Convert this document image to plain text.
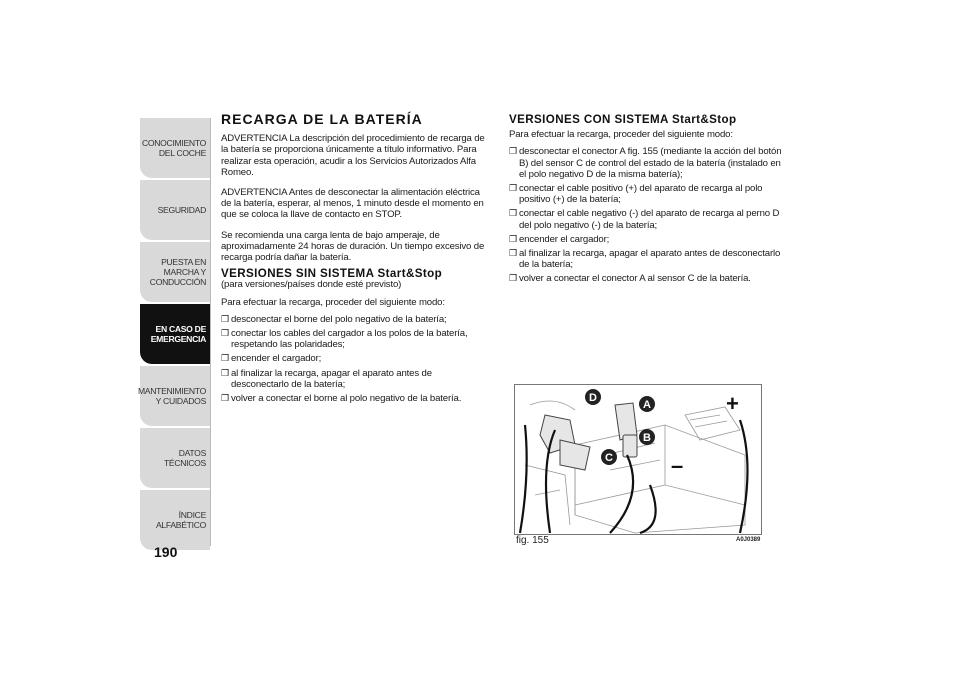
CONOCIMIENTO DEL COCHE
SEGURIDAD
PUESTA EN MARCHA Y CONDUCCIÓN
EN CASO DE EMERGENCIA
MANTENIMIENTO Y CUIDADOS
DATOS TÉCNICOS
ÍNDICE ALFABÉTICO
190
RECARGA DE LA BATERÍA

ADVERTENCIA La descripción del procedimiento de recarga de la batería se proporciona únicamente a título informativo. Para realizar esta operación, acudir a los Servicios Autorizados Alfa Romeo.

ADVERTENCIA Antes de desconectar la alimentación eléctrica de la batería, esperar, al menos, 1 minuto desde el momento en que se coloca la llave de contacto en STOP.

Se recomienda una carga lenta de bajo amperaje, de aproximadamente 24 horas de duración. Un tiempo excesivo de recarga podría dañar la batería.

VERSIONES SIN SISTEMA Start&Stop

(para versiones/países donde esté previsto)

Para efectuar la recarga, proceder del siguiente modo:

❒ desconectar el borne del polo negativo de la batería;
❒ conectar los cables del cargador a los polos de la batería, respetando las polaridades;
❒ encender el cargador;
❒ al finalizar la recarga, apagar el aparato antes de desconectarlo de la batería;
❒ volver a conectar el borne al polo negativo de la batería.
VERSIONES CON SISTEMA Start&Stop

Para efectuar la recarga, proceder del siguiente modo:

❒ desconectar el conector A fig. 155 (mediante la acción del botón B) del sensor C de control del estado de la batería (instalado en el polo negativo D de la misma batería);
❒ conectar el cable positivo (+) del aparato de recarga al polo positivo (+) de la batería;
❒ conectar el cable negativo (-) del aparato de recarga al perno D del polo negativo (-) de la batería;
❒ encender el cargador;
❒ al finalizar la recarga, apagar el aparato antes de desconectarlo de la batería;
❒ volver a conectar el conector A al sensor C de la batería.
D
A
B
C
+
–
fig. 155	A0J0389
